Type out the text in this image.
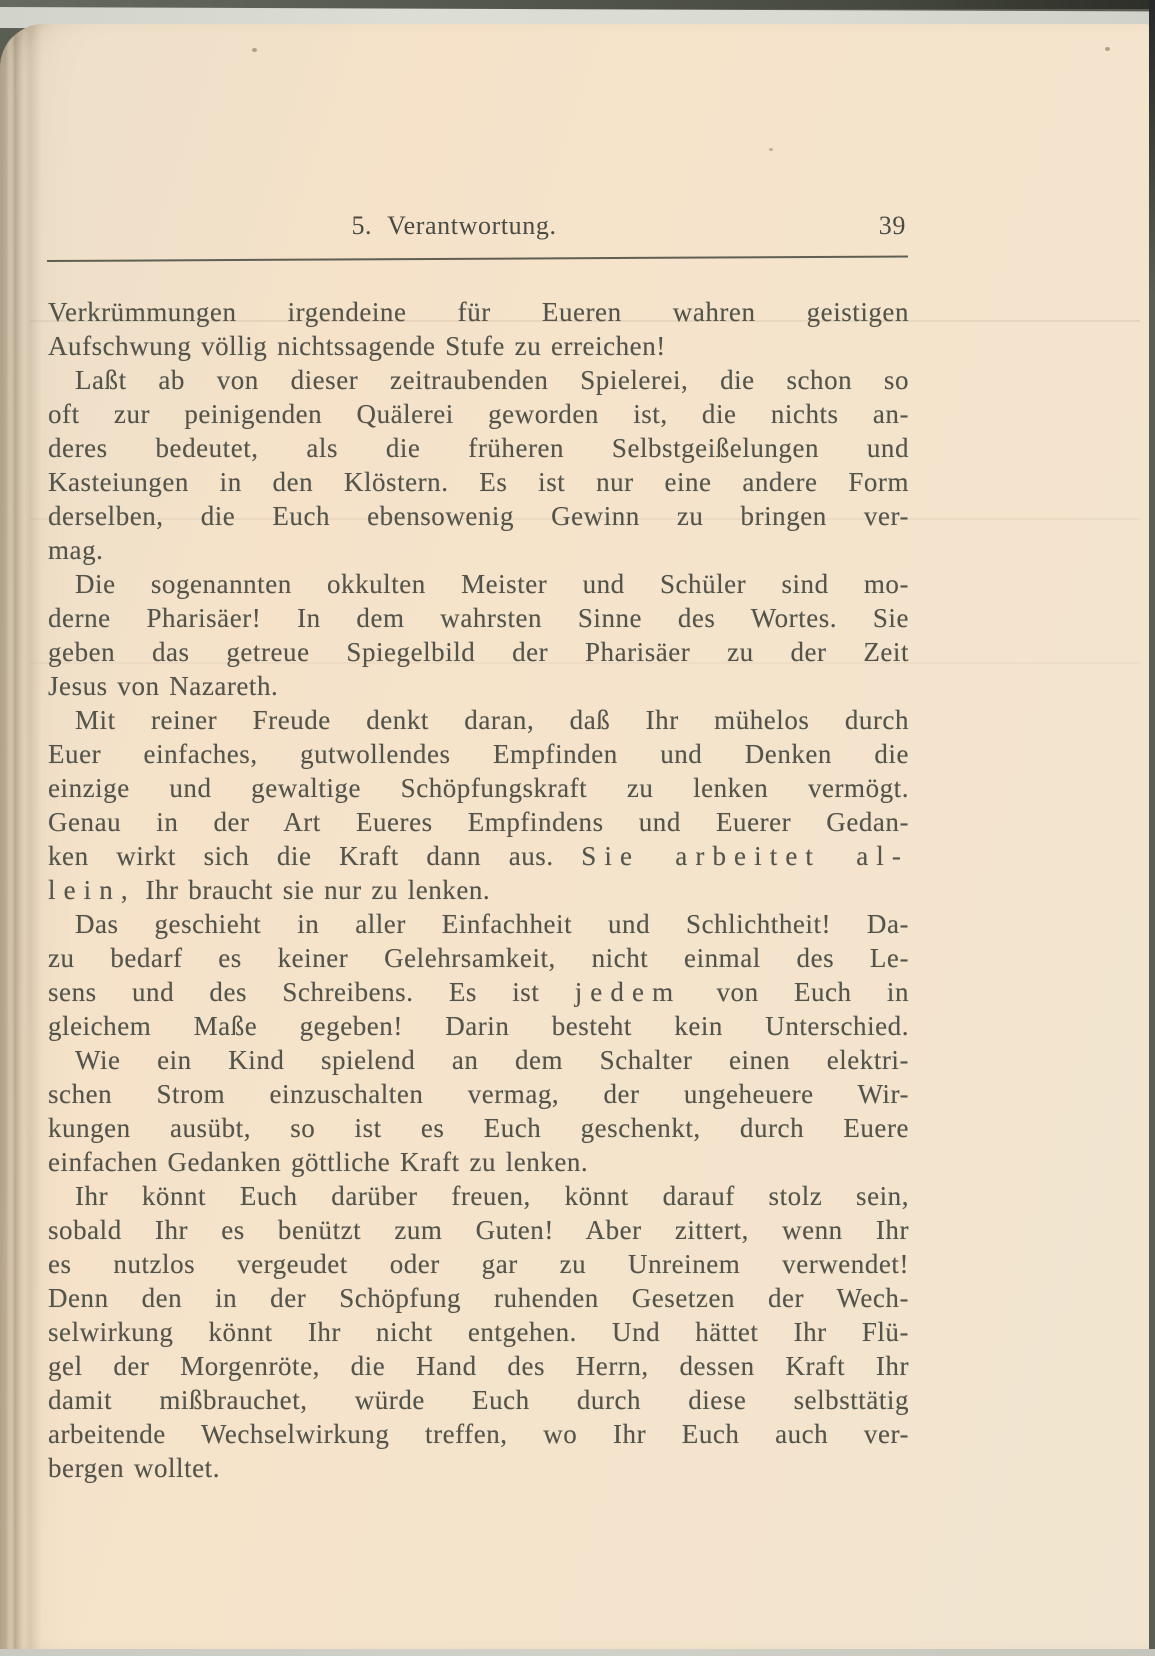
5. Verantwortung.	39
Verkrümmungen irgendeine für Eueren wahren geistigen
Aufschwung völlig nichtssagende Stufe zu erreichen!
Laßt ab von dieser zeitraubenden Spielerei, die schon so
oft zur peinigenden Quälerei geworden ist, die nichts an-
deres bedeutet, als die früheren Selbstgeißelungen und
Kasteiungen in den Klöstern. Es ist nur eine andere Form
derselben, die Euch ebensowenig Gewinn zu bringen ver-
mag.
Die sogenannten okkulten Meister und Schüler sind mo-
derne Pharisäer! In dem wahrsten Sinne des Wortes. Sie
geben das getreue Spiegelbild der Pharisäer zu der Zeit
Jesus von Nazareth.
Mit reiner Freude denkt daran, daß Ihr mühelos durch
Euer einfaches, gutwollendes Empfinden und Denken die
einzige und gewaltige Schöpfungskraft zu lenken vermögt.
Genau in der Art Eueres Empfindens und Euerer Gedan-
ken wirkt sich die Kraft dann aus. Sie arbeitet al-
lein, Ihr braucht sie nur zu lenken.
Das geschieht in aller Einfachheit und Schlichtheit! Da-
zu bedarf es keiner Gelehrsamkeit, nicht einmal des Le-
sens und des Schreibens. Es ist jedem von Euch in
gleichem Maße gegeben! Darin besteht kein Unterschied.
Wie ein Kind spielend an dem Schalter einen elektri-
schen Strom einzuschalten vermag, der ungeheuere Wir-
kungen ausübt, so ist es Euch geschenkt, durch Euere
einfachen Gedanken göttliche Kraft zu lenken.
Ihr könnt Euch darüber freuen, könnt darauf stolz sein,
sobald Ihr es benützt zum Guten! Aber zittert, wenn Ihr
es nutzlos vergeudet oder gar zu Unreinem verwendet!
Denn den in der Schöpfung ruhenden Gesetzen der Wech-
selwirkung könnt Ihr nicht entgehen. Und hättet Ihr Flü-
gel der Morgenröte, die Hand des Herrn, dessen Kraft Ihr
damit mißbrauchet, würde Euch durch diese selbsttätig
arbeitende Wechselwirkung treffen, wo Ihr Euch auch ver-
bergen wolltet.
